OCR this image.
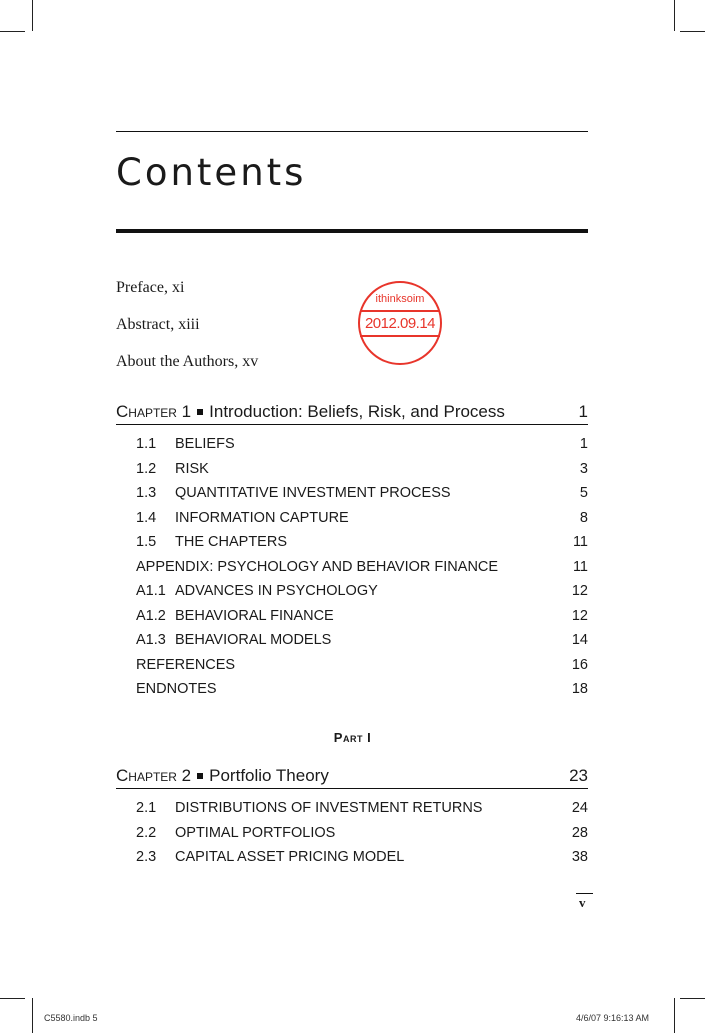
Contents

Preface, xi

Abstract, xiii

About the Authors, xv

ithinksoim
2012.09.14
Chapter 1 Introduction: Beliefs, Risk, and Process	1
1.1 BELIEFS	1
1.2 RISK	3
1.3 QUANTITATIVE INVESTMENT PROCESS	5
1.4 INFORMATION CAPTURE	8
1.5 THE CHAPTERS	11
APPENDIX: PSYCHOLOGY AND BEHAVIOR FINANCE	11
A1.1 ADVANCES IN PSYCHOLOGY	12
A1.2 BEHAVIORAL FINANCE	12
A1.3 BEHAVIORAL MODELS	14
REFERENCES	16
ENDNOTES	18
Part I
Chapter 2 Portfolio Theory	23
2.1 DISTRIBUTIONS OF INVESTMENT RETURNS	24
2.2 OPTIMAL PORTFOLIOS	28
2.3 CAPITAL ASSET PRICING MODEL	38
v
C5580.indb 5	4/6/07 9:16:13 AM
